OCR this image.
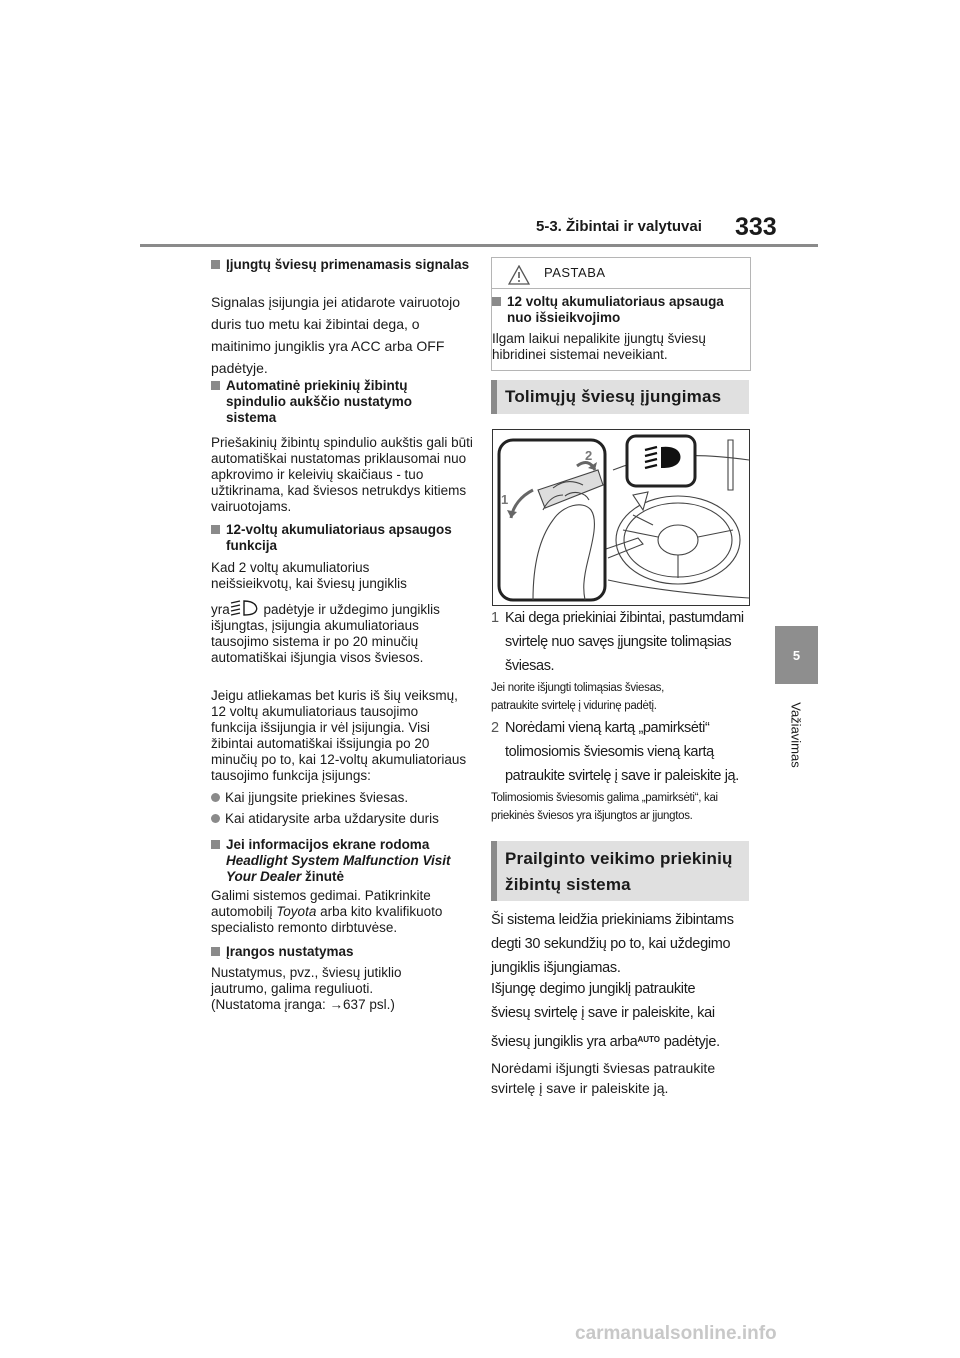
5-3. Žibintai ir valytuvai 333
5
Važiavimas
Įjungtų šviesų primenamasis signalas
Signalas įsijungia jei atidarote vairuotojo duris tuo metu kai žibintai dega, o maitinimo jungiklis yra ACC arba OFF padėtyje.
Automatinė priekinių žibintų spindulio aukščio nustatymo sistema
Priešakinių žibintų spindulio aukštis gali būti automatiškai nustatomas priklausomai nuo apkrovimo ir keleivių skaičiaus - tuo užtikrinama, kad šviesos netrukdys kitiems vairuotojams.
12-voltų akumuliatoriaus apsaugos funkcija
Kad 2 voltų akumuliatorius neišsieikvotų, kai šviesų jungiklis
yra padėtyje ir uždegimo jungiklis išjungtas, įsijungia akumuliatoriaus tausojimo sistema ir po 20 minučių automatiškai išjungia visos šviesos.
Jeigu atliekamas bet kuris iš šių veiksmų, 12 voltų akumuliatoriaus tausojimo funkcija išsijungia ir vėl įsijungia. Visi žibintai automatiškai išsijungia po 20 minučių po to, kai 12-voltų akumuliatoriaus tausojimo funkcija įsijungs:
Kai įjungsite priekines šviesas.
Kai atidarysite arba uždarysite duris
Jei informacijos ekrane rodoma Headlight System Malfunction Visit Your Dealer žinutė
Galimi sistemos gedimai. Patikrinkite automobilį Toyota arba kito kvalifikuoto specialisto remonto dirbtuvėse.
Įrangos nustatymas
Nustatymus, pvz., šviesų jutiklio jautrumo, galima reguliuoti.
(Nustatoma įranga: →637 psl.)
PASTABA
12 voltų akumuliatoriaus apsauga nuo išsieikvojimo
Ilgam laikui nepalikite įjungtų šviesų hibridinei sistemai neveikiant.
Tolimųjų šviesų įjungimas
1
2
1 Kai dega priekiniai žibintai, pastumdami svirtelę nuo savęs įjungsite tolimąsias šviesas.
Jei norite išjungti tolimąsias šviesas, patraukite svirtelę į vidurinę padėtį.
2 Norėdami vieną kartą „pamirksėti“ tolimosiomis šviesomis vieną kartą patraukite svirtelę į save ir paleiskite ją.
Tolimosiomis šviesomis galima „pamirksėti“, kai priekinės šviesos yra išjungtos ar įjungtos.
Prailginto veikimo priekinių
žibintų sistema
Ši sistema leidžia priekiniams žibintams degti 30 sekundžių po to, kai uždegimo jungiklis išjungiamas.
Išjungę degimo jungiklį patraukite šviesų svirtelę į save ir paleiskite, kai
šviesų jungiklis yra arba$^{AUTO}$ padėtyje.
Norėdami išjungti šviesas patraukite svirtelę į save ir paleiskite ją.
carmanualsonline.info
